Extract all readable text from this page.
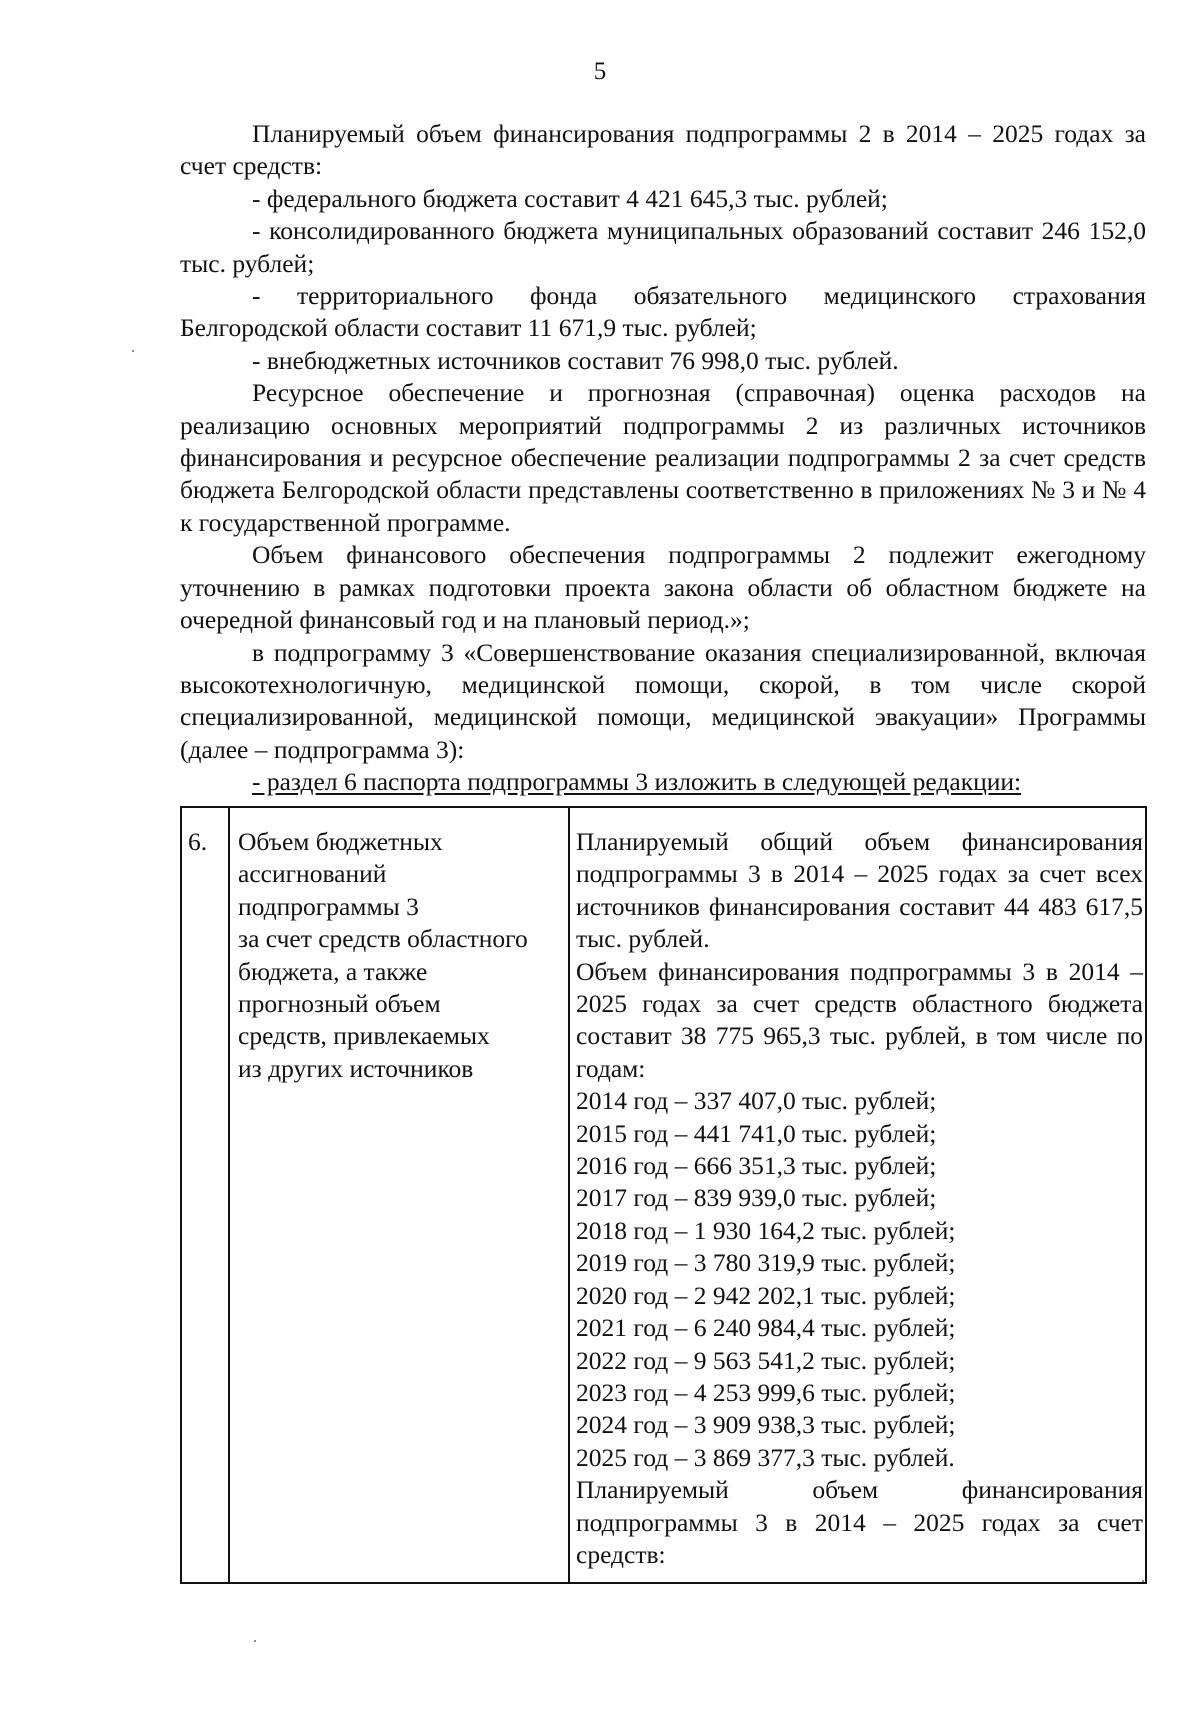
5

Планируемый объем финансирования подпрограммы 2 в 2014 – 2025 годах за счет средств:

- федерального бюджета составит 4 421 645,3 тыс. рублей;

- консолидированного бюджета муниципальных образований составит 246 152,0 тыс. рублей;

- территориального фонда обязательного медицинского страхования Белгородской области составит 11 671,9 тыс. рублей;

- внебюджетных источников составит 76 998,0 тыс. рублей.

Ресурсное обеспечение и прогнозная (справочная) оценка расходов на реализацию основных мероприятий подпрограммы 2 из различных источников финансирования и ресурсное обеспечение реализации подпрограммы 2 за счет средств бюджета Белгородской области представлены соответственно в приложениях № 3 и № 4 к государственной программе.

Объем финансового обеспечения подпрограммы 2 подлежит ежегодному уточнению в рамках подготовки проекта закона области об областном бюджете на очередной финансовый год и на плановый период.»;

в подпрограмму 3 «Совершенствование оказания специализированной, включая высокотехнологичную, медицинской помощи, скорой, в том числе скорой специализированной, медицинской помощи, медицинской эвакуации» Программы (далее – подпрограмма 3):

- раздел 6 паспорта подпрограммы 3 изложить в следующей редакции:

6.	Объем бюджетных
ассигнований
подпрограммы 3
за счет средств областного
бюджета, а также
прогнозный объем
средств, привлекаемых
из других источников

Планируемый общий объем финансирования подпрограммы 3 в 2014 – 2025 годах за счет всех источников финансирования составит 44 483 617,5 тыс. рублей.

Объем финансирования подпрограммы 3 в 2014 – 2025 годах за счет средств областного бюджета составит 38 775 965,3 тыс. рублей, в том числе по годам:

2014 год – 337 407,0 тыс. рублей;

2015 год – 441 741,0 тыс. рублей;

2016 год – 666 351,3 тыс. рублей;

2017 год – 839 939,0 тыс. рублей;

2018 год – 1 930 164,2 тыс. рублей;

2019 год – 3 780 319,9 тыс. рублей;

2020 год – 2 942 202,1 тыс. рублей;

2021 год – 6 240 984,4 тыс. рублей;

2022 год – 9 563 541,2 тыс. рублей;

2023 год – 4 253 999,6 тыс. рублей;

2024 год – 3 909 938,3 тыс. рублей;

2025 год – 3 869 377,3 тыс. рублей.

Планируемый объем финансирования подпрограммы 3 в 2014 – 2025 годах за счет средств:
